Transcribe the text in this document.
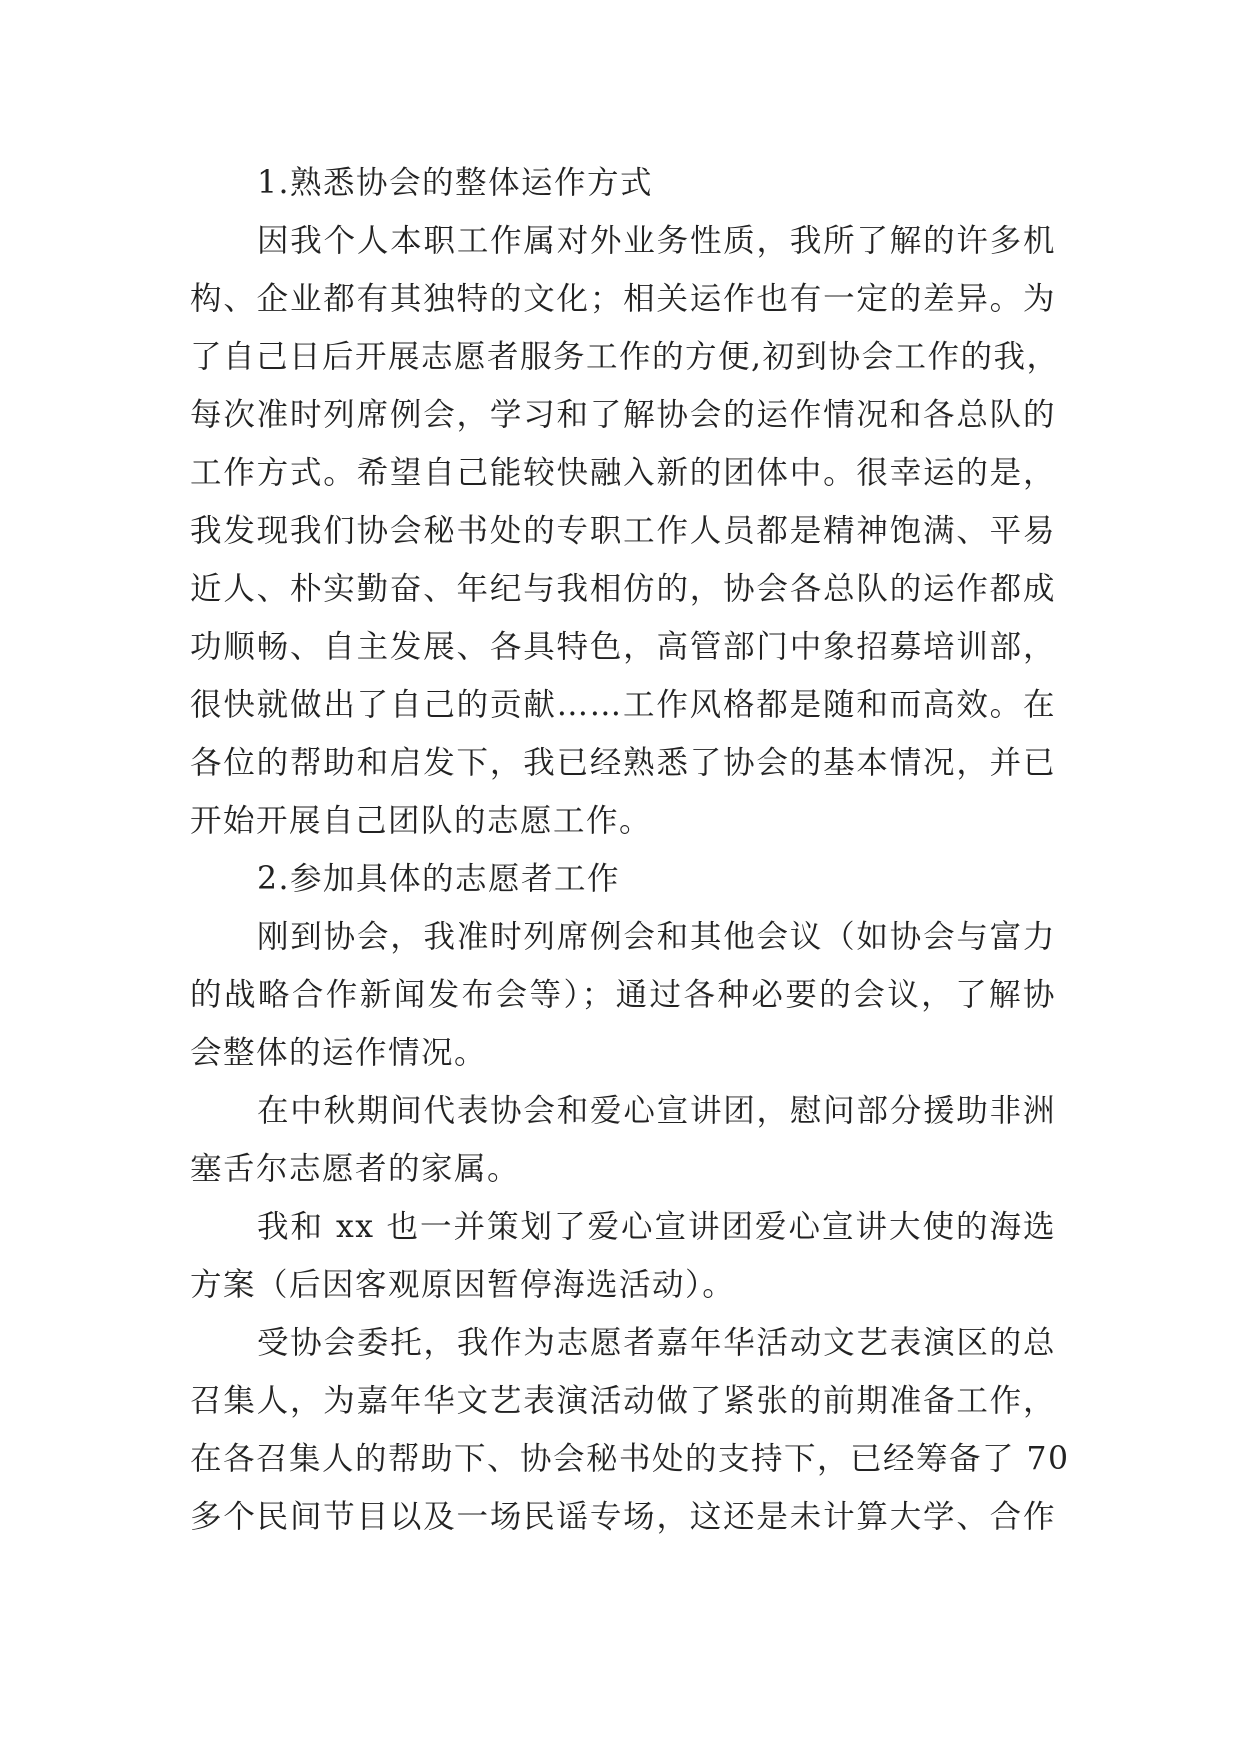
1.熟悉协会的整体运作方式
因我个人本职工作属对外业务性质，我所了解的许多机
构、企业都有其独特的文化；相关运作也有一定的差异。为
了自己日后开展志愿者服务工作的方便,初到协会工作的我，
每次准时列席例会，学习和了解协会的运作情况和各总队的
工作方式。希望自己能较快融入新的团体中。很幸运的是，
我发现我们协会秘书处的专职工作人员都是精神饱满、平易
近人、朴实勤奋、年纪与我相仿的，协会各总队的运作都成
功顺畅、自主发展、各具特色，高管部门中象招募培训部，
很快就做出了自己的贡献……工作风格都是随和而高效。在
各位的帮助和启发下，我已经熟悉了协会的基本情况，并已
开始开展自己团队的志愿工作。
2.参加具体的志愿者工作
刚到协会，我准时列席例会和其他会议（如协会与富力
的战略合作新闻发布会等）；通过各种必要的会议，了解协
会整体的运作情况。
在中秋期间代表协会和爱心宣讲团，慰问部分援助非洲
塞舌尔志愿者的家属。
我和 xx 也一并策划了爱心宣讲团爱心宣讲大使的海选
方案（后因客观原因暂停海选活动）。
受协会委托，我作为志愿者嘉年华活动文艺表演区的总
召集人，为嘉年华文艺表演活动做了紧张的前期准备工作，
在各召集人的帮助下、协会秘书处的支持下，已经筹备了 70
多个民间节目以及一场民谣专场，这还是未计算大学、合作
